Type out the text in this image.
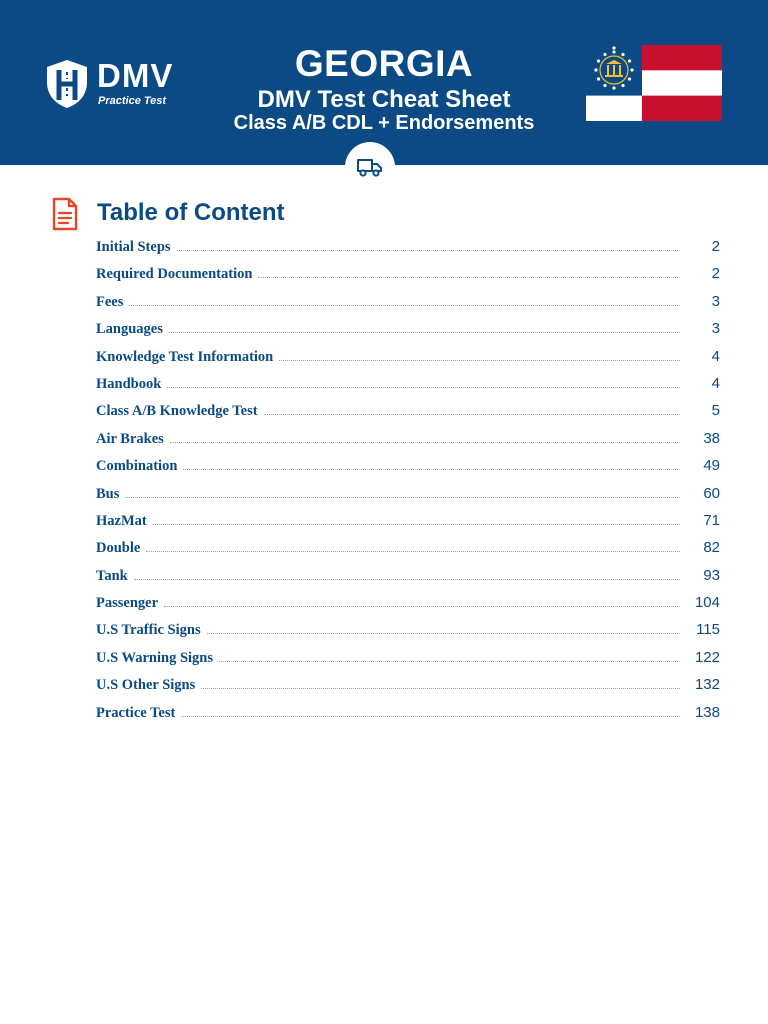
DMV
Practice Test
GEORGIA
DMV Test Cheat Sheet
Class A/B CDL + Endorsements
Table of Content
Initial Steps	2
Required Documentation	2
Fees	3
Languages	3
Knowledge Test Information	4
Handbook	4
Class A/B Knowledge Test	5
Air Brakes	38
Combination	49
Bus	60
HazMat	71
Double	82
Tank	93
Passenger	104
U.S Traffic Signs	115
U.S Warning Signs	122
U.S Other Signs	132
Practice Test	138
